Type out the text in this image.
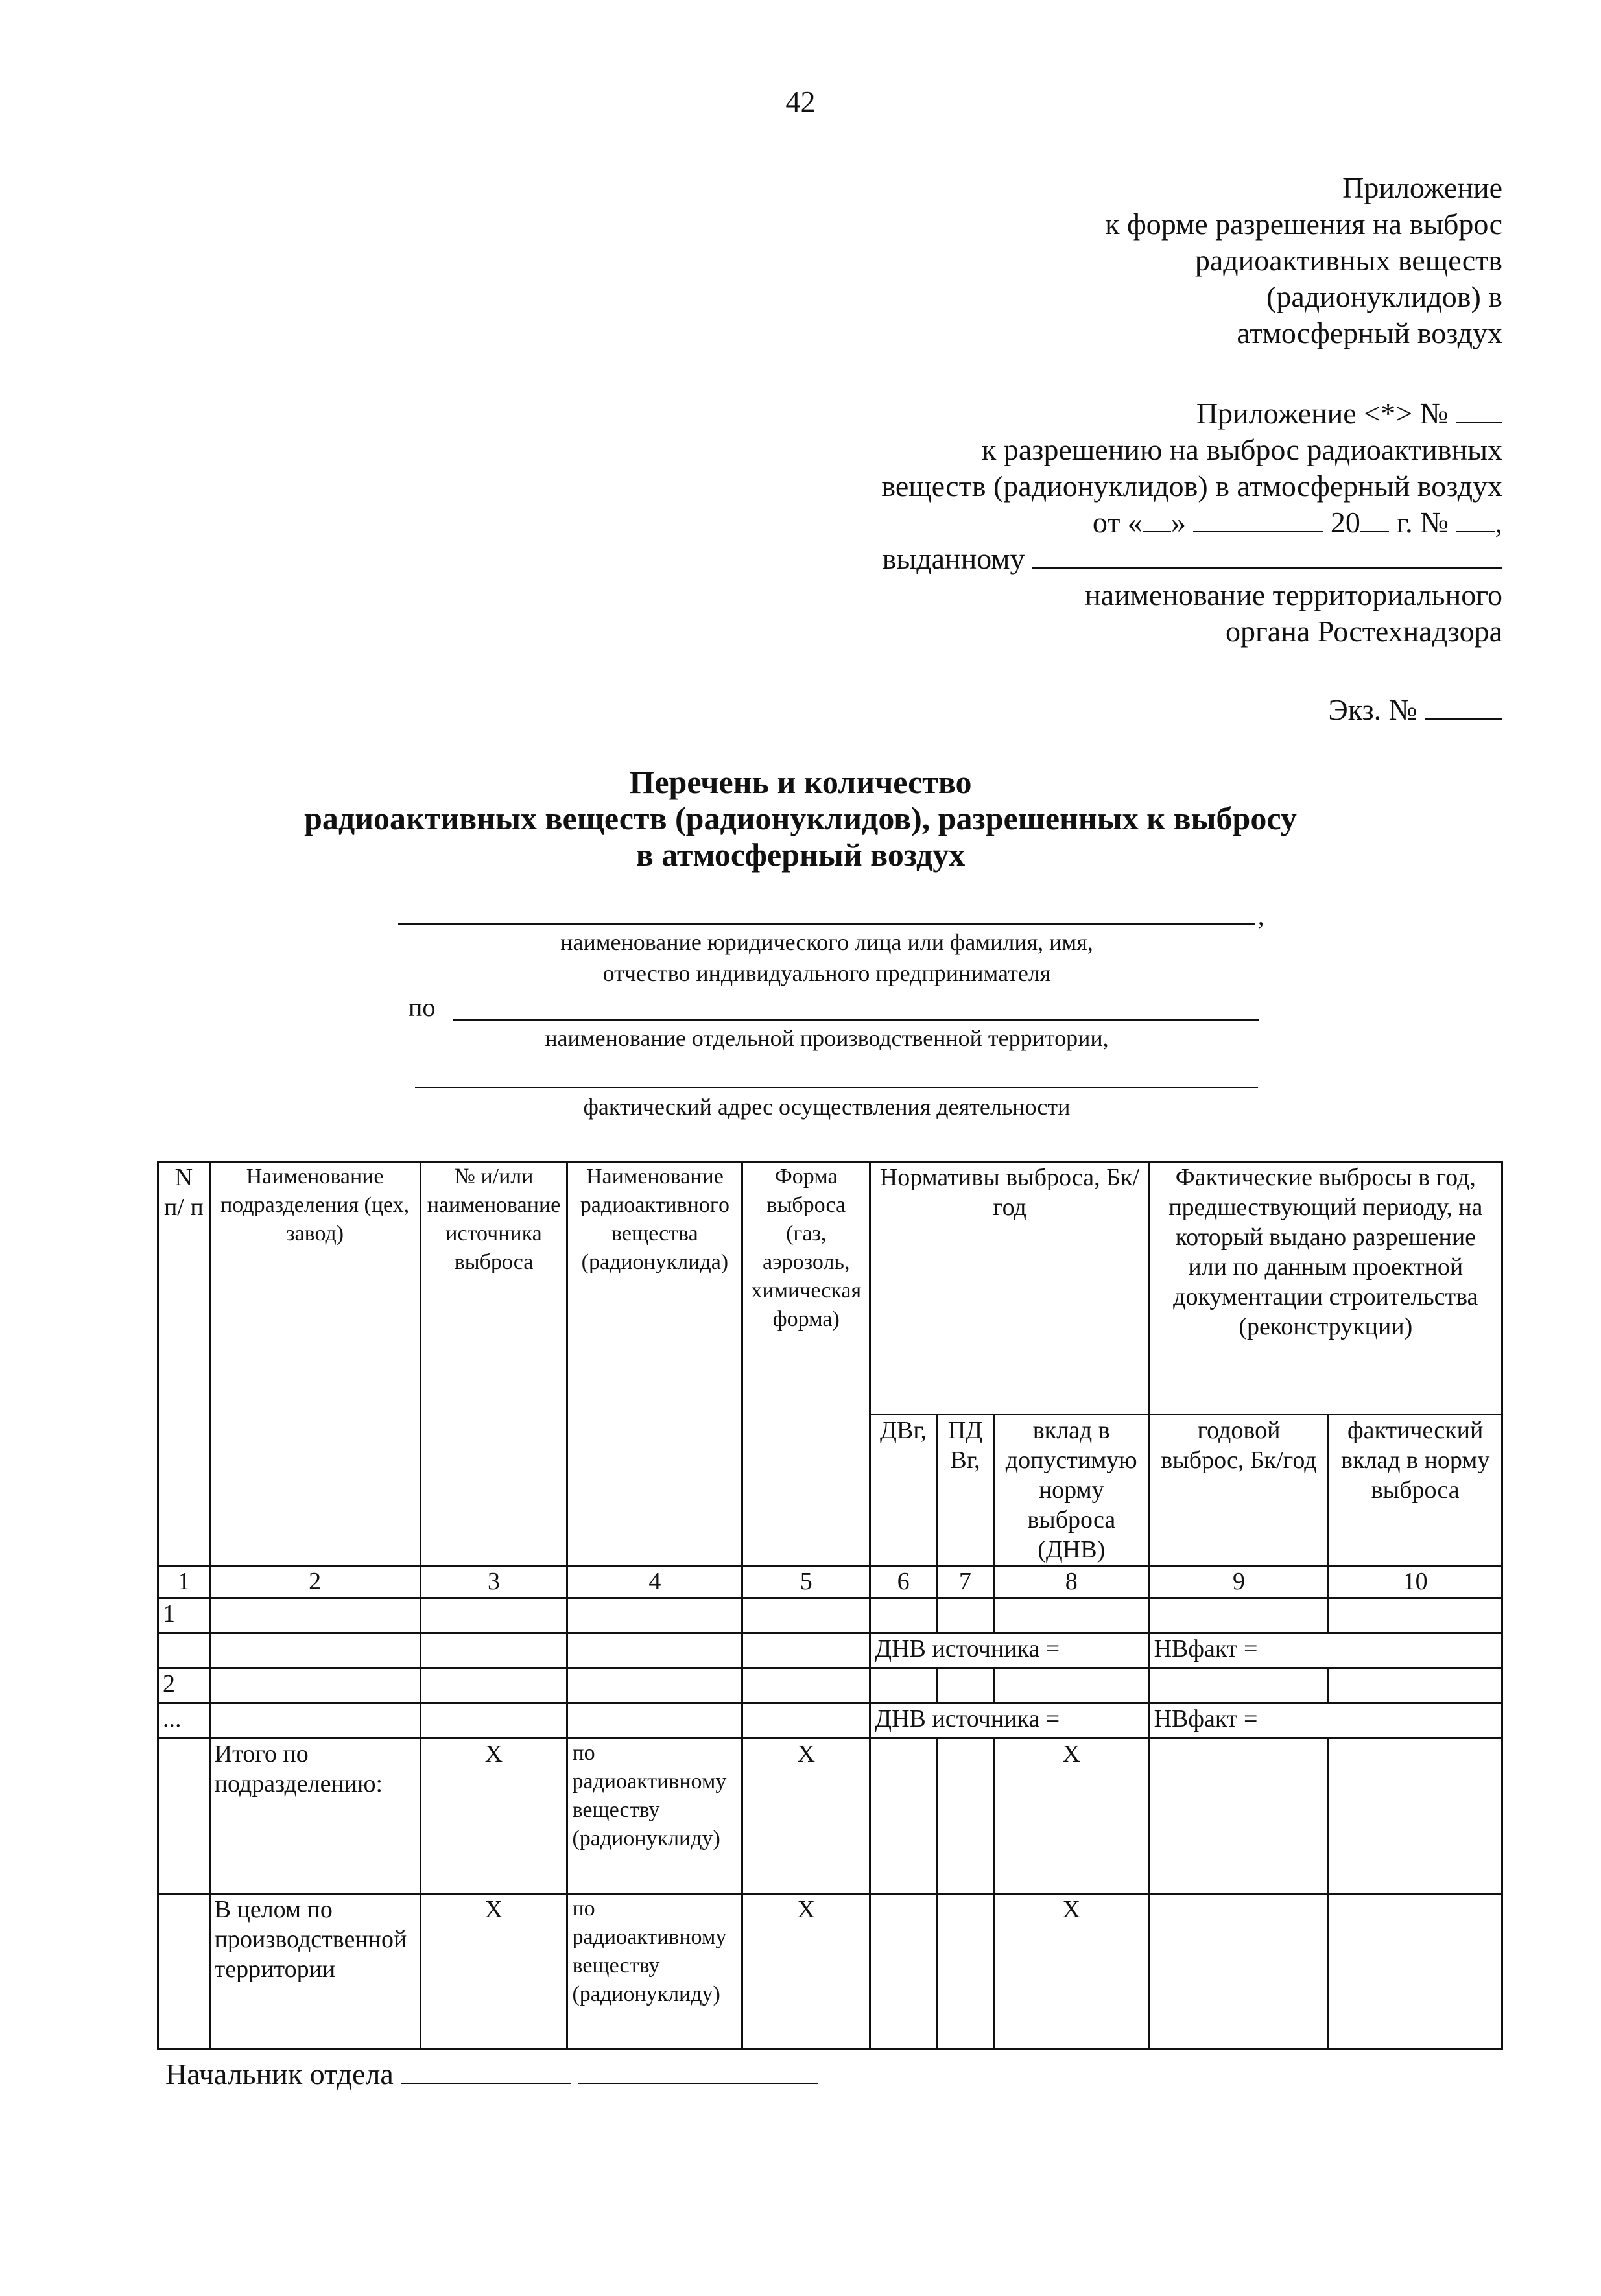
42
Приложение
к форме разрешения на выброс
радиоактивных веществ
(радионуклидов) в
атмосферный воздух
Приложение <*> №
к разрешению на выброс радиоактивных
веществ (радионуклидов) в атмосферный воздух
от « »	20 г. № ,
выданному
наименование территориального
органа Ростехнадзора
Экз. №
Перечень и количество
радиоактивных веществ (радионуклидов), разрешенных к выбросу
в атмосферный воздух
,
наименование юридического лица или фамилия, имя,
отчество индивидуального предпринимателя
по
наименование отдельной производственной территории,
фактический адрес осуществления деятельности
N п/ п	Наименование подразделения (цех, завод)	№ и/или наименование источника выброса	Наименование радиоактивного вещества (радионуклида)	Форма выброса (газ, аэрозоль, химическая форма)	Нормативы выброса, Бк/год			Фактические выбросы в год, предшествующий периоду, на который выдано разрешение или по данным проектной документации строительства (реконструкции)	
					ДВг,	ПД Вг,	вклад в допустимую норму выброса (ДНВ)	годовой выброс, Бк/год	фактический вклад в норму выброса
1	2	3	4	5	6	7	8	9	10
1									
					ДНВ источника =			НВфакт =	
2									
...					ДНВ источника =			НВфакт =	
	Итого по подразделению:	X	по радиоактивному веществу (радионуклиду)	X			X		
	В целом по производственной территории	X	по радиоактивному веществу (радионуклиду)	X			X		
Начальник отдела
